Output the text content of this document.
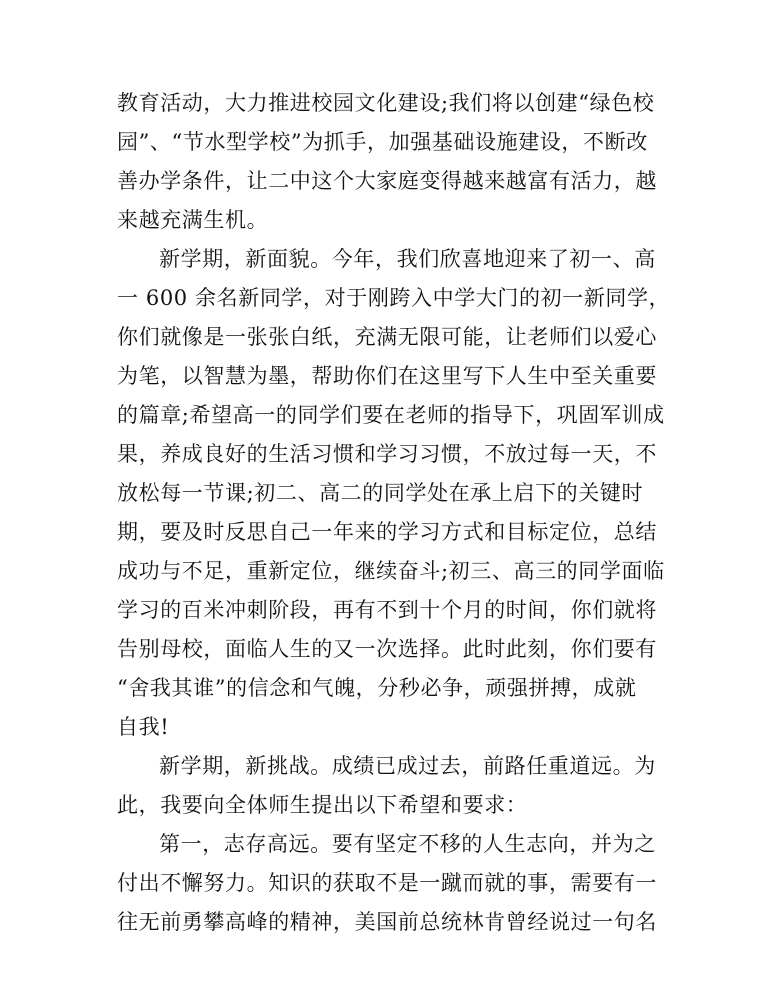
教育活动，大力推进校园文化建设;我们将以创建“绿色校
园”、“节水型学校”为抓手，加强基础设施建设，不断改
善办学条件，让二中这个大家庭变得越来越富有活力，越
来越充满生机。
新学期，新面貌。今年，我们欣喜地迎来了初一、高
一 600 余名新同学，对于刚跨入中学大门的初一新同学，
你们就像是一张张白纸，充满无限可能，让老师们以爱心
为笔，以智慧为墨，帮助你们在这里写下人生中至关重要
的篇章;希望高一的同学们要在老师的指导下，巩固军训成
果，养成良好的生活习惯和学习习惯，不放过每一天，不
放松每一节课;初二、高二的同学处在承上启下的关键时
期，要及时反思自己一年来的学习方式和目标定位，总结
成功与不足，重新定位，继续奋斗;初三、高三的同学面临
学习的百米冲刺阶段，再有不到十个月的时间，你们就将
告别母校，面临人生的又一次选择。此时此刻，你们要有
“舍我其谁”的信念和气魄，分秒必争，顽强拼搏，成就
自我!
新学期，新挑战。成绩已成过去，前路任重道远。为
此，我要向全体师生提出以下希望和要求：
第一，志存高远。要有坚定不移的人生志向，并为之
付出不懈努力。知识的获取不是一蹴而就的事，需要有一
往无前勇攀高峰的精神，美国前总统林肯曾经说过一句名
